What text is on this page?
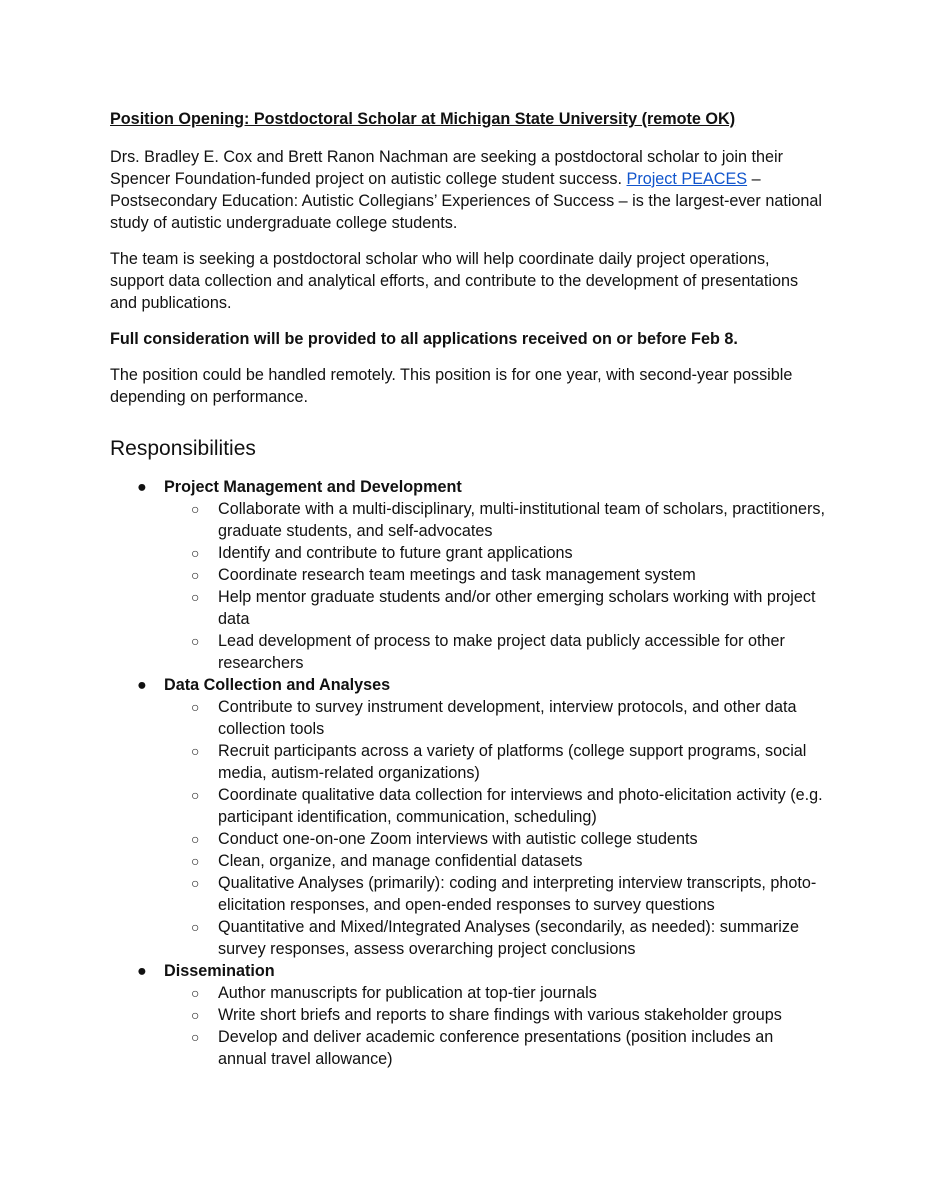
Position Opening: Postdoctoral Scholar at Michigan State University (remote OK)

Drs. Bradley E. Cox and Brett Ranon Nachman are seeking a postdoctoral scholar to join their Spencer Foundation-funded project on autistic college student success. Project PEACES – Postsecondary Education: Autistic Collegians’ Experiences of Success – is the largest-ever national study of autistic undergraduate college students.

The team is seeking a postdoctoral scholar who will help coordinate daily project operations, support data collection and analytical efforts, and contribute to the development of presentations and publications.

Full consideration will be provided to all applications received on or before Feb 8.

The position could be handled remotely. This position is for one year, with second-year possible depending on performance.

Responsibilities
● Project Management and Development
○ Collaborate with a multi-disciplinary, multi-institutional team of scholars, practitioners, graduate students, and self-advocates
○ Identify and contribute to future grant applications
○ Coordinate research team meetings and task management system
○ Help mentor graduate students and/or other emerging scholars working with project data
○ Lead development of process to make project data publicly accessible for other researchers
● Data Collection and Analyses
○ Contribute to survey instrument development, interview protocols, and other data collection tools
○ Recruit participants across a variety of platforms (college support programs, social media, autism-related organizations)
○ Coordinate qualitative data collection for interviews and photo-elicitation activity (e.g. participant identification, communication, scheduling)
○ Conduct one-on-one Zoom interviews with autistic college students
○ Clean, organize, and manage confidential datasets
○ Qualitative Analyses (primarily): coding and interpreting interview transcripts, photo-elicitation responses, and open-ended responses to survey questions
○ Quantitative and Mixed/Integrated Analyses (secondarily, as needed): summarize survey responses, assess overarching project conclusions
● Dissemination
○ Author manuscripts for publication at top-tier journals
○ Write short briefs and reports to share findings with various stakeholder groups
○ Develop and deliver academic conference presentations (position includes an annual travel allowance)
